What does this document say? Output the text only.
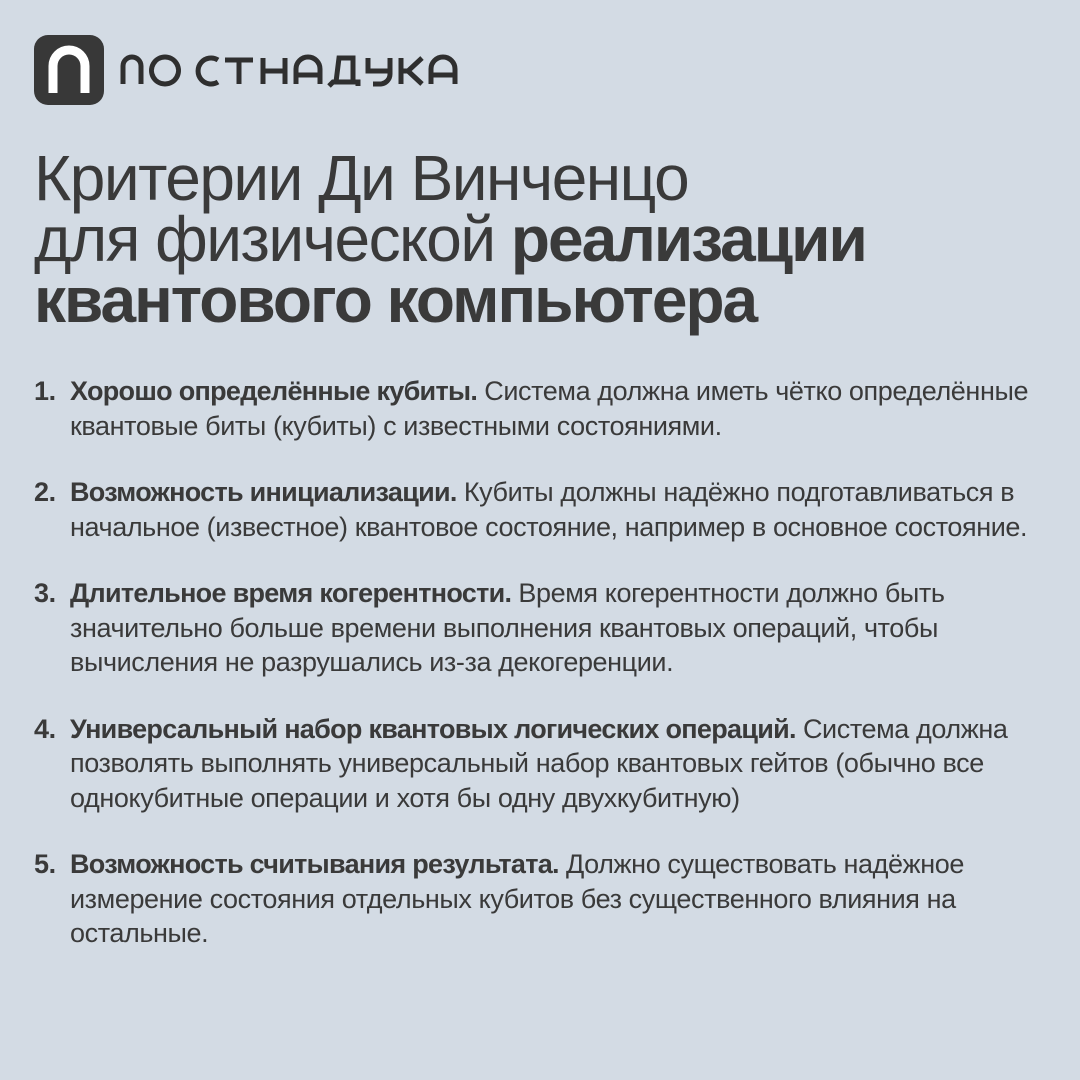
Критерии Ди Винченцо
для физической реализации
квантового компьютера
1. Хорошо определённые кубиты. Система должна иметь чётко определённые квантовые биты (кубиты) с известными состояниями.
2. Возможность инициализации. Кубиты должны надёжно подготавливаться в начальное (известное) квантовое состояние, например в основное состояние.
3. Длительное время когерентности. Время когерентности должно быть значительно больше времени выполнения квантовых операций, чтобы вычисления не разрушались из-за декогеренции.
4. Универсальный набор квантовых логических операций. Система должна позволять выполнять универсальный набор квантовых гейтов (обычно все однокубитные операции и хотя бы одну двухкубитную)
5. Возможность считывания результата. Должно существовать надёжное измерение состояния отдельных кубитов без существенного влияния на остальные.
